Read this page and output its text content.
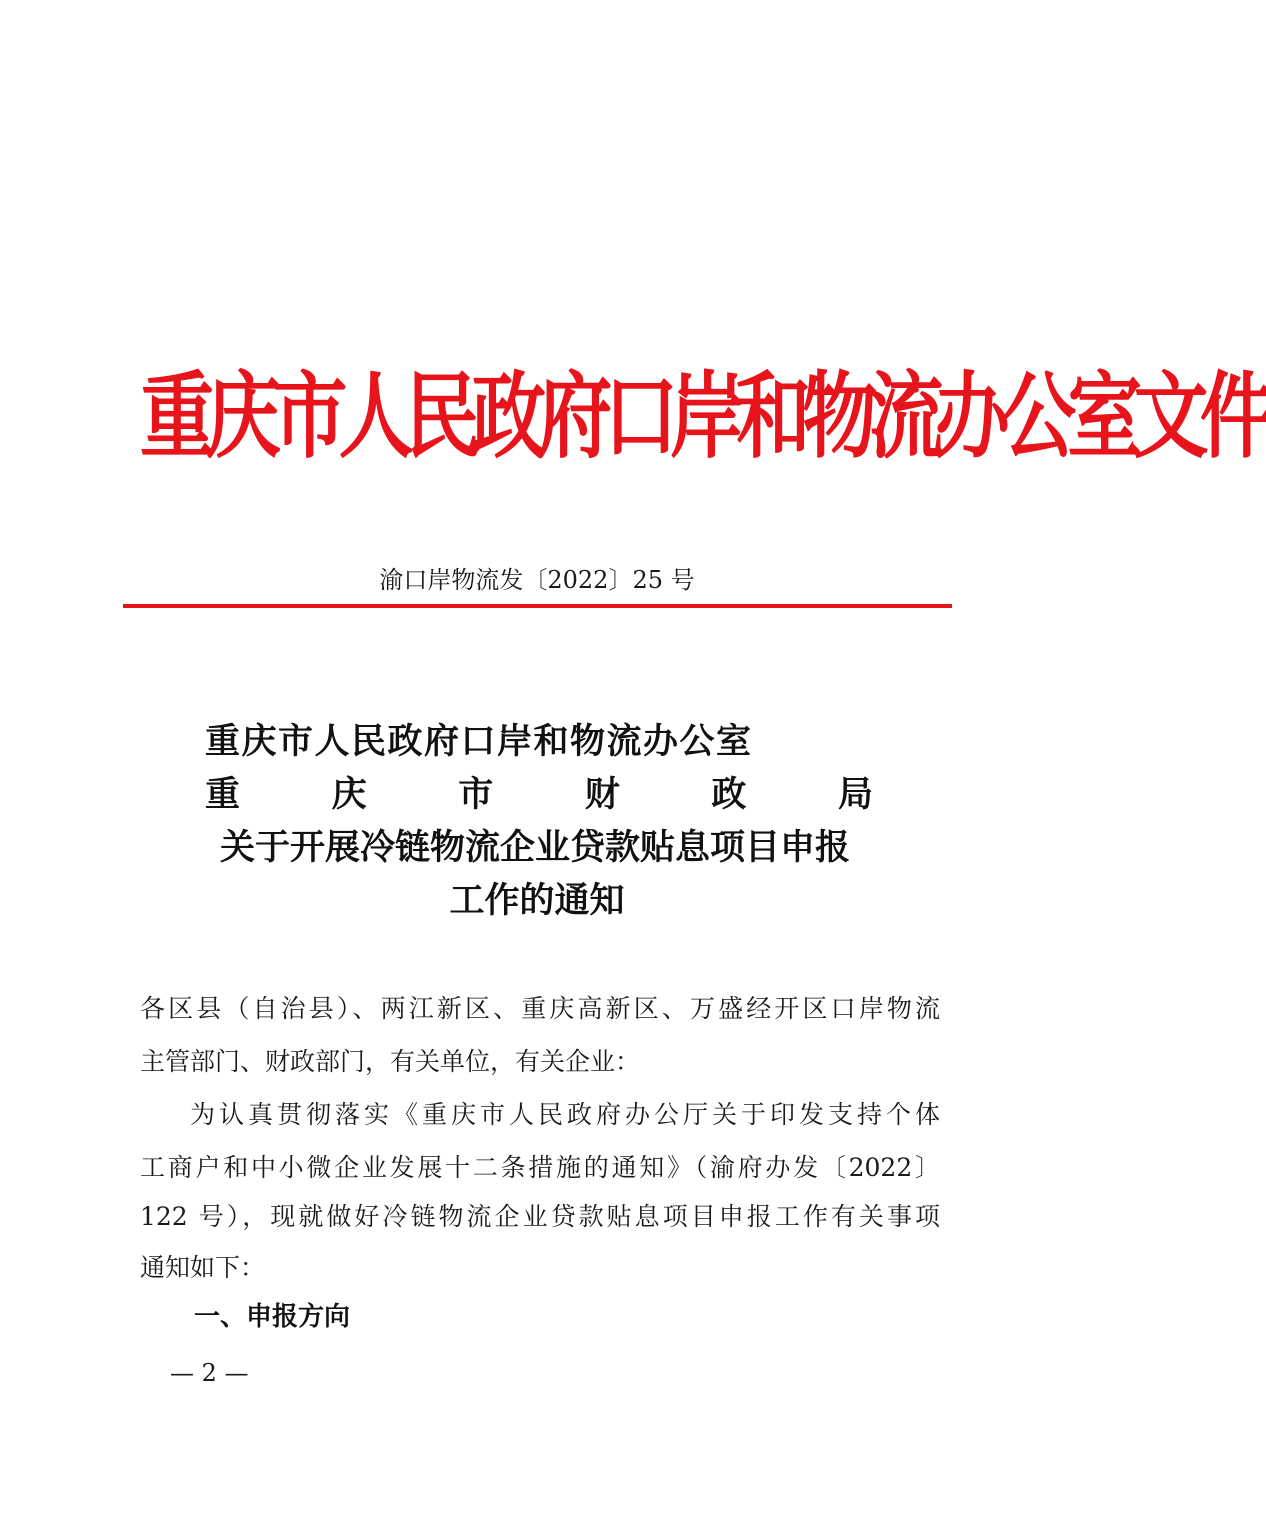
重庆市人民政府口岸和物流办公室文件

渝口岸物流发〔2022〕25 号

重庆市人民政府口岸和物流办公室

重	庆	市	财	政	局

关于开展冷链物流企业贷款贴息项目申报

工作的通知

各区县（自治县）、两江新区、重庆高新区、万盛经开区口岸物流

主管部门、财政部门，有关单位，有关企业：

为认真贯彻落实《重庆市人民政府办公厅关于印发支持个体

工商户和中小微企业发展十二条措施的通知》（渝府办发〔2022〕

122 号），现就做好冷链物流企业贷款贴息项目申报工作有关事项

通知如下：

一、申报方向

— 2 —
